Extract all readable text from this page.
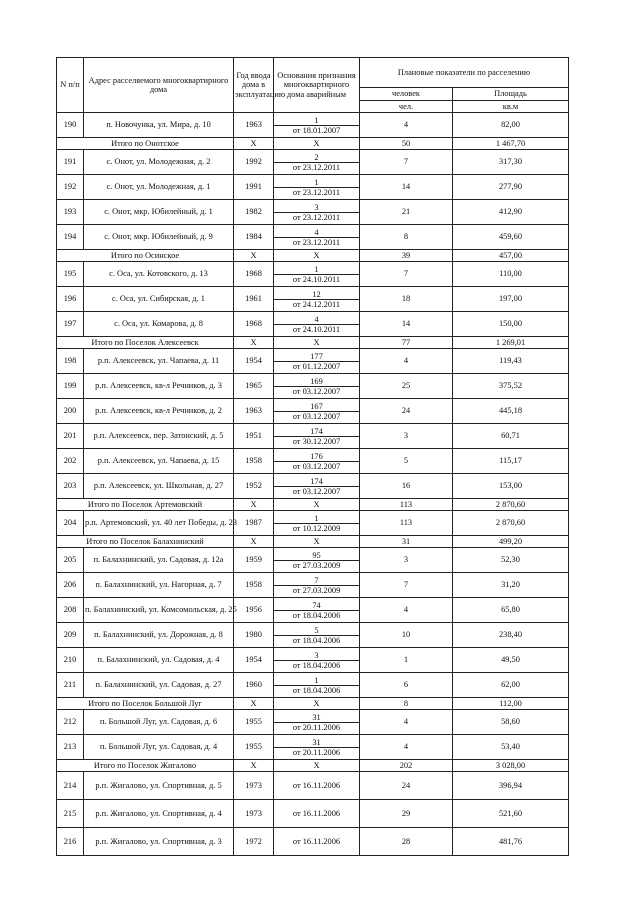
N п/п	Адрес расселяемого многоквартирного дома	Год ввода дома в эксплуатацию	Основания признания многоквартирного дома аварийным	Плановые показатели по расселению	
				человек	Площадь
				чел.	кв.м
190	п. Новочунка, ул. Мира, д. 10	1963	1	4	82,00
			от 18.01.2007		
Итого по Онотское		X	X	50	1 467,70
191	с. Онот, ул. Молодежная, д. 2	1992	2	7	317,30
			от 23.12.2011		
192	с. Онот, ул. Молодежная, д. 1	1991	1	14	277,90
			от 23.12.2011		
193	с. Онот, мкр. Юбилейный, д. 1	1982	3	21	412,90
			от 23.12.2011		
194	с. Онот, мкр. Юбилейный, д. 9	1984	4	8	459,60
			от 23.12.2011		
Итого по Осинское		X	X	39	457,00
195	с. Оса, ул. Котовского, д. 13	1968	1	7	110,00
			от 24.10.2011		
196	с. Оса, ул. Сибирская, д. 1	1961	12	18	197,00
			от 24.12.2011		
197	с. Оса, ул. Комарова, д. 8	1968	4	14	150,00
			от 24.10.2011		
Итого по Поселок Алексеевск		X	X	77	1 269,01
198	р.п. Алексеевск, ул. Чапаева, д. 11	1954	177	4	119,43
			от 01.12.2007		
199	р.п. Алексеевск, кв-л Речников, д. 3	1965	169	25	375,52
			от 03.12.2007		
200	р.п. Алексеевск, кв-л Речников, д. 2	1963	167	24	445,18
			от 03.12.2007		
201	р.п. Алексеевск, пер. Затонский, д. 5	1951	174	3	60,71
			от 30.12.2007		
202	р.п. Алексеевск, ул. Чапаева, д. 15	1958	176	5	115,17
			от 03.12.2007		
203	р.п. Алексеевск, ул. Школьная, д. 27	1952	174	16	153,00
			от 03.12.2007		
Итого по Поселок Артемовский		X	X	113	2 870,60
204	р.п. Артемовский, ул. 40 лет Победы, д. 23	1987	1	113	2 870,60
			от 10.12.2009		
Итого по Поселок Балахнинский		X	X	31	499,20
205	п. Балахнинский, ул. Садовая, д. 12а	1959	95	3	52,30
			от 27.03.2009		
206	п. Балахнинский, ул. Нагорная, д. 7	1958	7	7	31,20
			от 27.03.2009		
208	п. Балахнинский, ул. Комсомольская, д. 25	1956	74	4	65,80
			от 18.04.2006		
209	п. Балахнинский, ул. Дорожная, д. 8	1980	5	10	238,40
			от 18.04.2006		
210	п. Балахнинский, ул. Садовая, д. 4	1954	3	1	49,50
			от 18.04.2006		
211	п. Балахнинский, ул. Садовая, д. 27	1960	1	6	62,00
			от 18.04.2006		
Итого по Поселок Большой Луг		X	X	8	112,00
212	п. Большой Луг, ул. Садовая, д. 6	1955	31	4	58,60
			от 20.11.2006		
213	п. Большой Луг, ул. Садовая, д. 4	1955	31	4	53,40
			от 20.11.2006		
Итого по Поселок Жигалово		X	X	202	3 028,00
214	р.п. Жигалово, ул. Спортивная, д. 5	1973	от 16.11.2006	24	396,94
215	р.п. Жигалово, ул. Спортивная, д. 4	1973	от 16.11.2006	29	521,60
216	р.п. Жигалово, ул. Спортивная, д. 3	1972	от 16.11.2006	28	481,76
